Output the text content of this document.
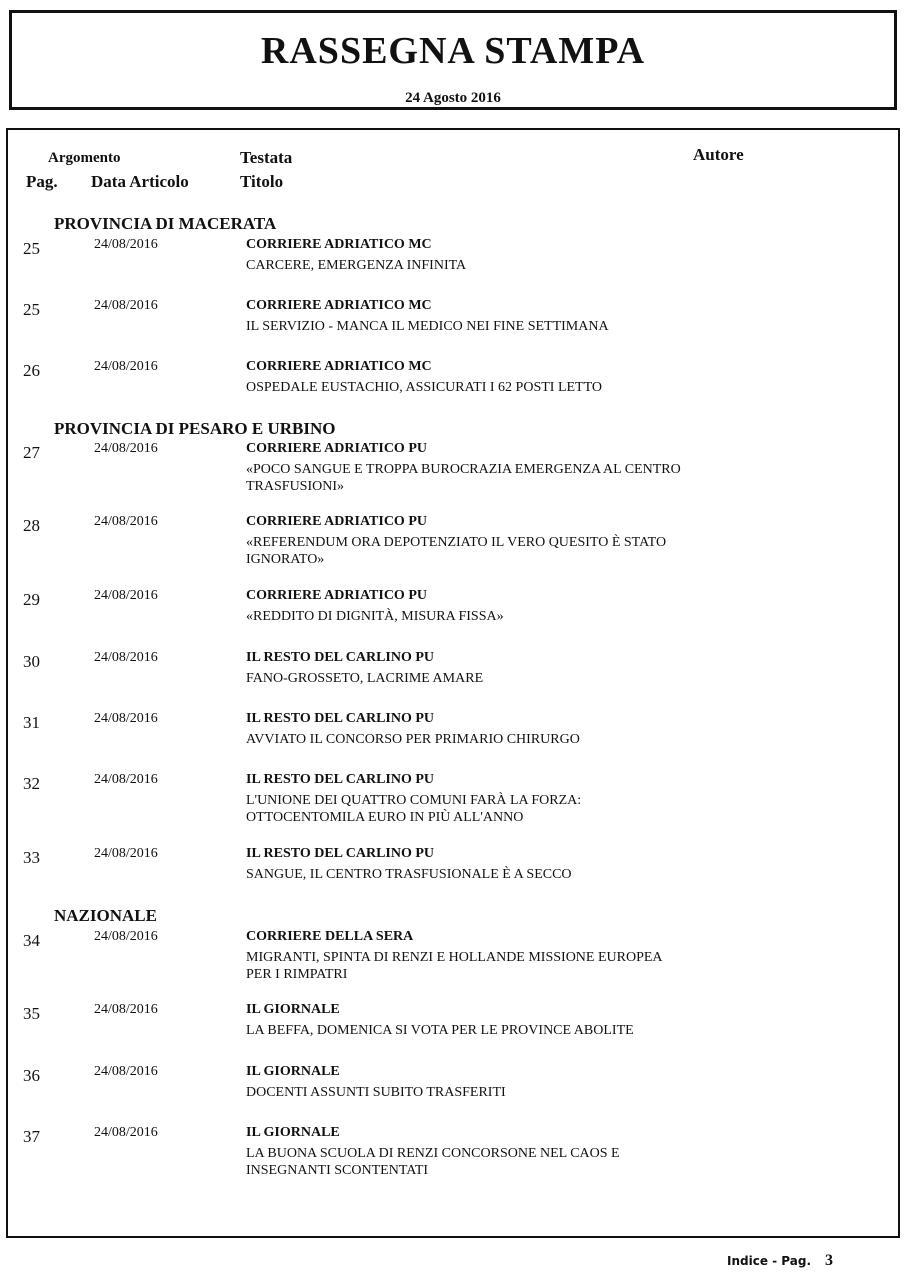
RASSEGNA STAMPA
24 Agosto 2016
Argomento
Pag. Data Articolo
Testata
Titolo
Autore
PROVINCIA DI MACERATA
25	24/08/2016	CORRIERE ADRIATICO MC
CARCERE, EMERGENZA INFINITA
25	24/08/2016	CORRIERE ADRIATICO MC
IL SERVIZIO - MANCA IL MEDICO NEI FINE SETTIMANA
26	24/08/2016	CORRIERE ADRIATICO MC
OSPEDALE EUSTACHIO, ASSICURATI I 62 POSTI LETTO
PROVINCIA DI PESARO E URBINO
27	24/08/2016	CORRIERE ADRIATICO PU
«POCO SANGUE E TROPPA BUROCRAZIA EMERGENZA AL CENTRO TRASFUSIONI»
28	24/08/2016	CORRIERE ADRIATICO PU
«REFERENDUM ORA DEPOTENZIATO IL VERO QUESITO È STATO IGNORATO»
29	24/08/2016	CORRIERE ADRIATICO PU
«REDDITO DI DIGNITÀ, MISURA FISSA»
30	24/08/2016	IL RESTO DEL CARLINO PU
FANO-GROSSETO, LACRIME AMARE
31	24/08/2016	IL RESTO DEL CARLINO PU
AVVIATO IL CONCORSO PER PRIMARIO CHIRURGO
32	24/08/2016	IL RESTO DEL CARLINO PU
L'UNIONE DEI QUATTRO COMUNI FARÀ LA FORZA: OTTOCENTOMILA EURO IN PIÙ ALL'ANNO
33	24/08/2016	IL RESTO DEL CARLINO PU
SANGUE, IL CENTRO TRASFUSIONALE È A SECCO
NAZIONALE
34	24/08/2016	CORRIERE DELLA SERA
MIGRANTI, SPINTA DI RENZI E HOLLANDE MISSIONE EUROPEA PER I RIMPATRI
35	24/08/2016	IL GIORNALE
LA BEFFA, DOMENICA SI VOTA PER LE PROVINCE ABOLITE
36	24/08/2016	IL GIORNALE
DOCENTI ASSUNTI SUBITO TRASFERITI
37	24/08/2016	IL GIORNALE
LA BUONA SCUOLA DI RENZI CONCORSONE NEL CAOS E INSEGNANTI SCONTENTATI
Indice - Pag. 3
